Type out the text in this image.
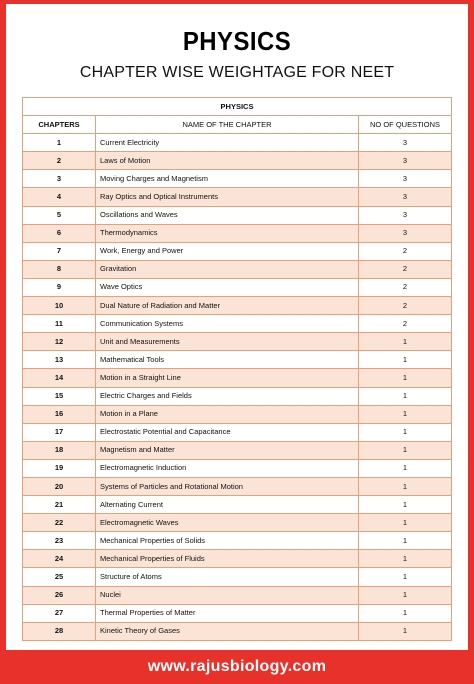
PHYSICS
CHAPTER WISE WEIGHTAGE FOR NEET
PHYSICS		
CHAPTERS	NAME OF THE CHAPTER	NO OF QUESTIONS
1	Current Electricity	3
2	Laws of Motion	3
3	Moving Charges and Magnetism	3
4	Ray Optics and Optical Instruments	3
5	Oscillations and Waves	3
6	Thermodynamics	3
7	Work, Energy and Power	2
8	Gravitation	2
9	Wave Optics	2
10	Dual Nature of Radiation and Matter	2
11	Communication Systems	2
12	Unit and Measurements	1
13	Mathematical Tools	1
14	Motion in a Straight Line	1
15	Electric Charges and Fields	1
16	Motion in a Plane	1
17	Electrostatic Potential and Capacitance	1
18	Magnetism and Matter	1
19	Electromagnetic Induction	1
20	Systems of Particles and Rotational Motion	1
21	Alternating Current	1
22	Electromagnetic Waves	1
23	Mechanical Properties of Solids	1
24	Mechanical Properties of Fluids	1
25	Structure of Atoms	1
26	Nuclei	1
27	Thermal Properties of Matter	1
28	Kinetic Theory of Gases	1
www.rajusbiology.com
